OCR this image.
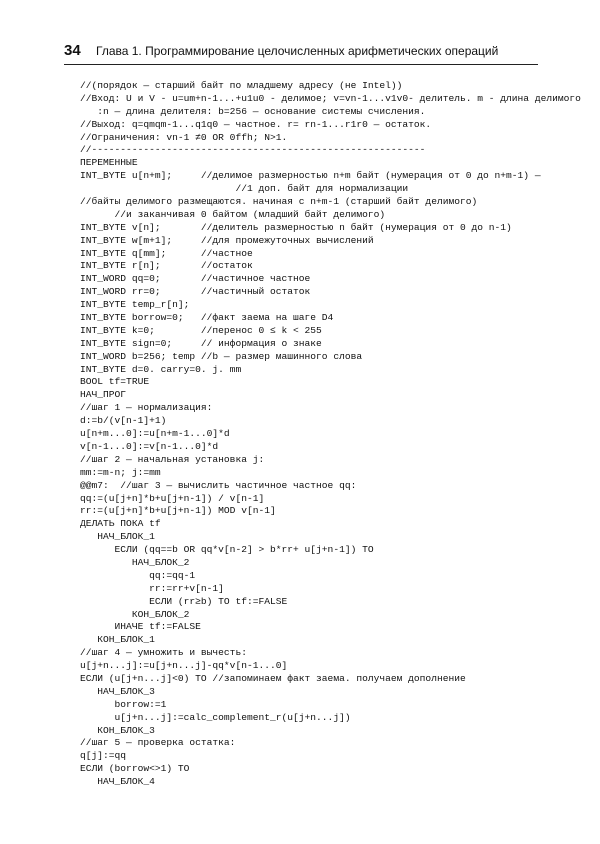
34 Глава 1. Программирование целочисленных арифметических операций
//(порядок — старший байт по младшему адресу (не Intel))
//Вход: U и V - u=um+n-1...+u1u0 - делимое; v=vn-1...v1v0- делитель. m - длина делимого
:n — длина делителя: b=256 — основание системы счисления.
//Выход: q=qmqm-1...q1q0 — частное. r= rn-1...r1r0 — остаток.
//Ограничения: vn-1 ≠0 OR 0ffh; N>1.
//----------------------------------------------------------
ПЕРЕМЕННЫЕ
INT_BYTE u[n+m];     //делимое размерностью n+m байт (нумерация от 0 до n+m-1) —
//1 доп. байт для нормализации
//байты делимого размещаются. начиная с n+m-1 (старший байт делимого)
//и заканчивая 0 байтом (младший байт делимого)
INT_BYTE v[n];       //делитель размерностью n байт (нумерация от 0 до n-1)
INT_BYTE w[m+1];     //для промежуточных вычислений
INT_BYTE q[mm];      //частное
INT_BYTE r[n];       //остаток
INT_WORD qq=0;       //частичное частное
INT_WORD rr=0;       //частичный остаток
INT_BYTE temp_r[n];
INT_BYTE borrow=0;   //факт заема на шаге D4
INT_BYTE k=0;        //перенос 0 ≤ k < 255
INT_BYTE sign=0;     // информация о знаке
INT_WORD b=256; temp //b — размер машинного слова
INT_BYTE d=0. carry=0. j. mm
BOOL tf=TRUE
НАЧ_ПРОГ
//шаг 1 — нормализация:
d:=b/(v[n-1]+1)
u[n+m...0]:=u[n+m-1...0]*d
v[n-1...0]:=v[n-1...0]*d
//шаг 2 — начальная установка j:
mm:=m-n; j:=mm
@@m7:  //шаг 3 — вычислить частичное частное qq:
qq:=(u[j+n]*b+u[j+n-1]) / v[n-1]
rr:=(u[j+n]*b+u[j+n-1]) MOD v[n-1]
ДЕЛАТЬ ПОКА tf
НАЧ_БЛОК_1
ЕСЛИ (qq==b OR qq*v[n-2] > b*rr+ u[j+n-1]) TO
НАЧ_БЛОК_2
qq:=qq-1
rr:=rr+v[n-1]
ЕСЛИ (rr≥b) TO tf:=FALSE
КОН_БЛОК_2
ИНАЧЕ tf:=FALSE
КОН_БЛОК_1
//шаг 4 — умножить и вычесть:
u[j+n...j]:=u[j+n...j]-qq*v[n-1...0]
ЕСЛИ (u[j+n...j]<0) TO //запоминаем факт заема. получаем дополнение
НАЧ_БЛОК_3
borrow:=1
u[j+n...j]:=calc_complement_r(u[j+n...j])
КОН_БЛОК_3
//шаг 5 — проверка остатка:
q[j]:=qq
ЕСЛИ (borrow<>1) TO
НАЧ_БЛОК_4
